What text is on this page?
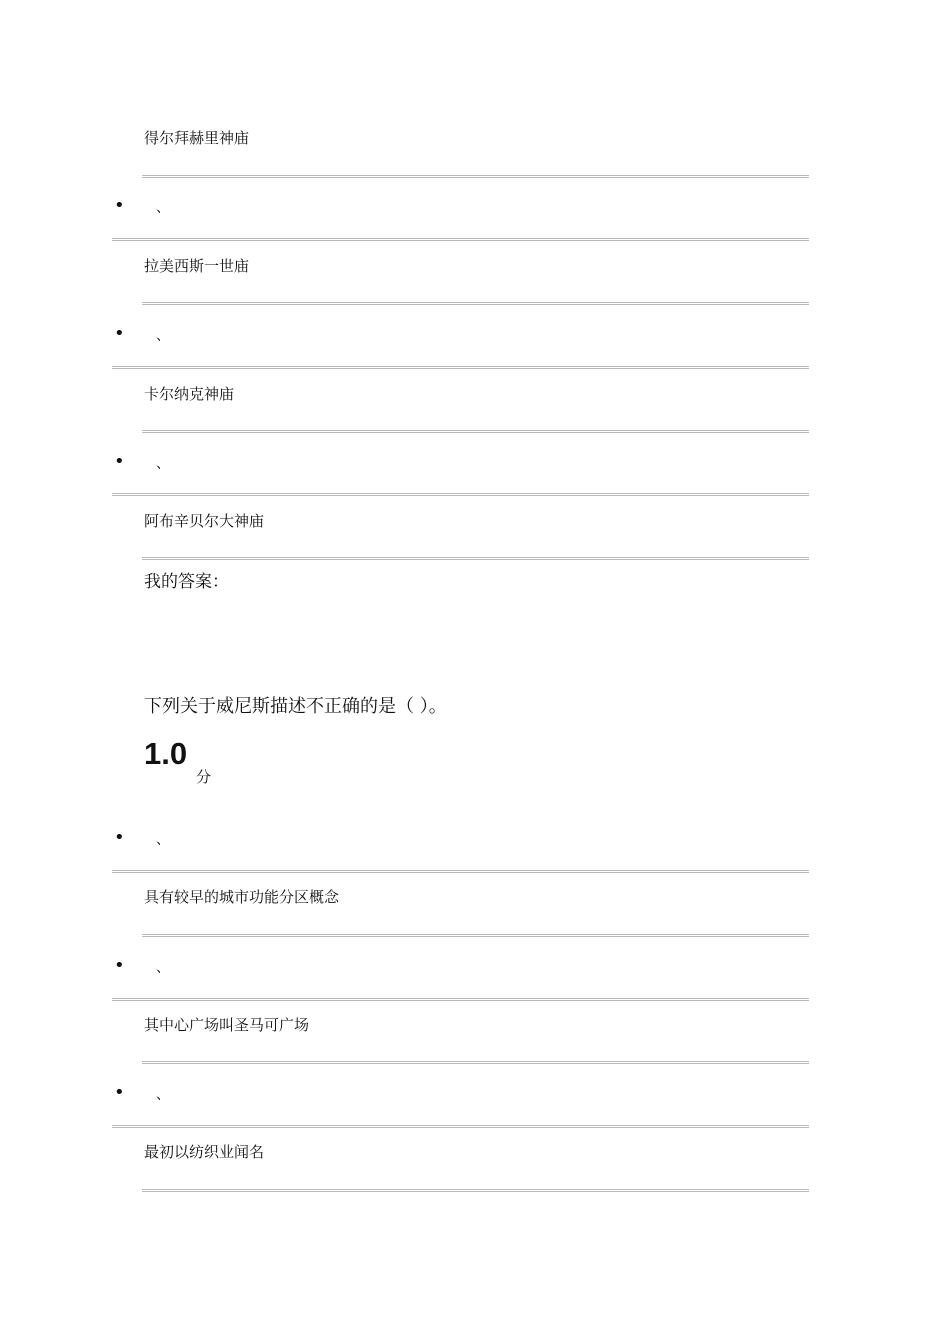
得尔拜赫里神庙
• 、
拉美西斯一世庙
• 、
卡尔纳克神庙
• 、
阿布辛贝尔大神庙
我的答案：
下列关于威尼斯描述不正确的是（ ）。
1.0
分
• 、
具有较早的城市功能分区概念
• 、
其中心广场叫圣马可广场
• 、
最初以纺织业闻名
